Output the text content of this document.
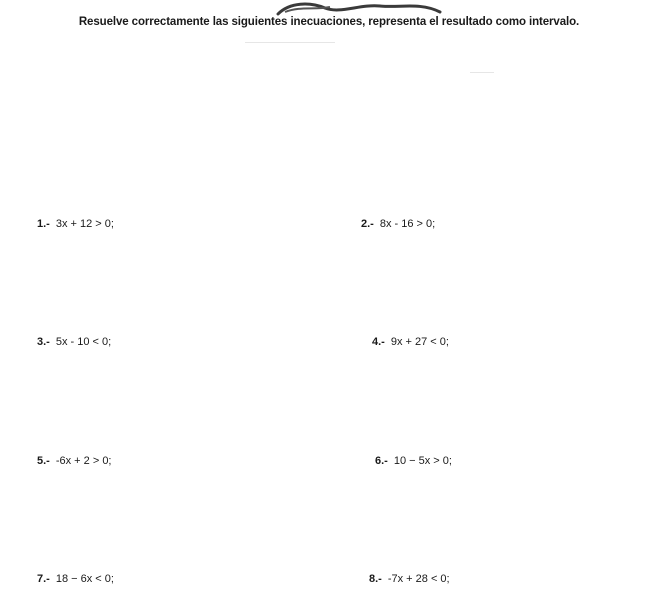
Resuelve correctamente las siguientes inecuaciones, representa el resultado como intervalo.
1.- 3x + 12 > 0;	2.- 8x - 16 > 0;
3.- 5x - 10 < 0;	4.- 9x + 27 < 0;
5.- -6x + 2 > 0;	6.- 10 − 5x > 0;
7.- 18 − 6x < 0;	8.- -7x + 28 < 0;
